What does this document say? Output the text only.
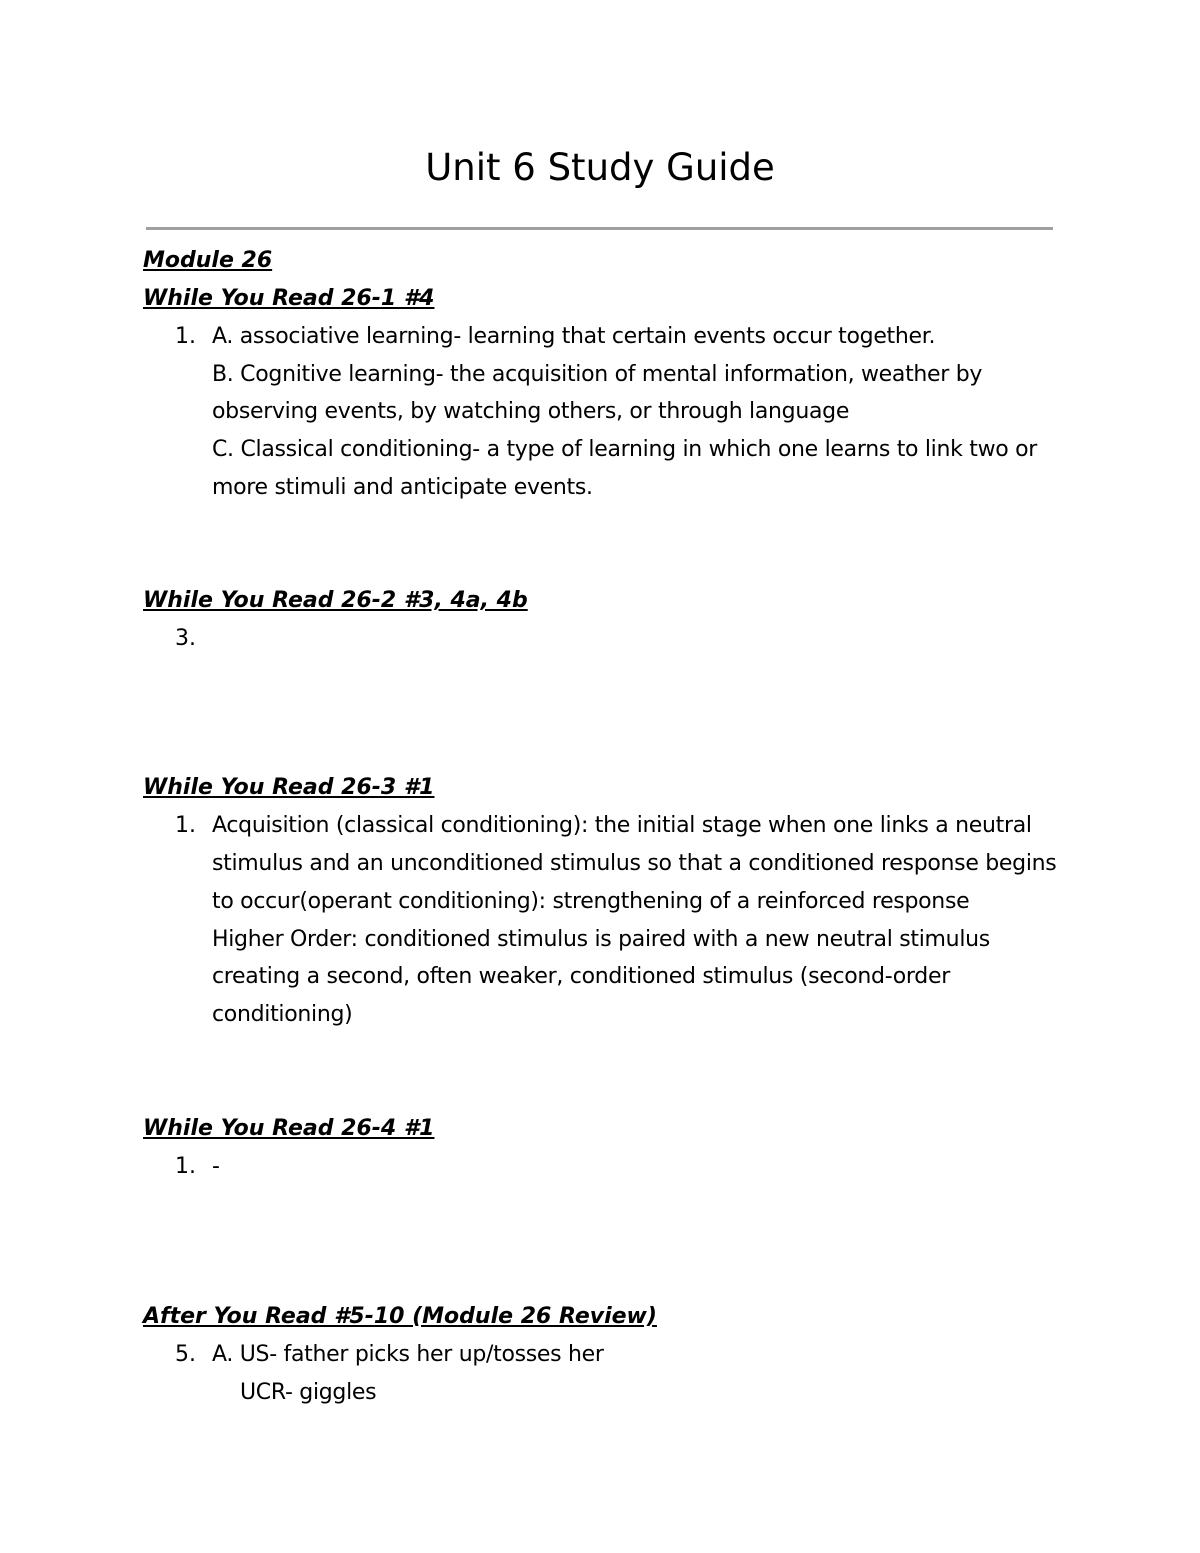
Unit 6 Study Guide
Module 26
While You Read 26-1 #4
1. A. associative learning- learning that certain events occur together.
B. Cognitive learning- the acquisition of mental information, weather by
observing events, by watching others, or through language
C. Classical conditioning- a type of learning in which one learns to link two or
more stimuli and anticipate events.
While You Read 26-2 #3, 4a, 4b
3.
While You Read 26-3 #1
1. Acquisition (classical conditioning): the initial stage when one links a neutral
stimulus and an unconditioned stimulus so that a conditioned response begins
to occur(operant conditioning): strengthening of a reinforced response
Higher Order: conditioned stimulus is paired with a new neutral stimulus
creating a second, often weaker, conditioned stimulus (second-order
conditioning)
While You Read 26-4 #1
1. -
After You Read #5-10 (Module 26 Review)
5. A. US- father picks her up/tosses her
UCR- giggles
